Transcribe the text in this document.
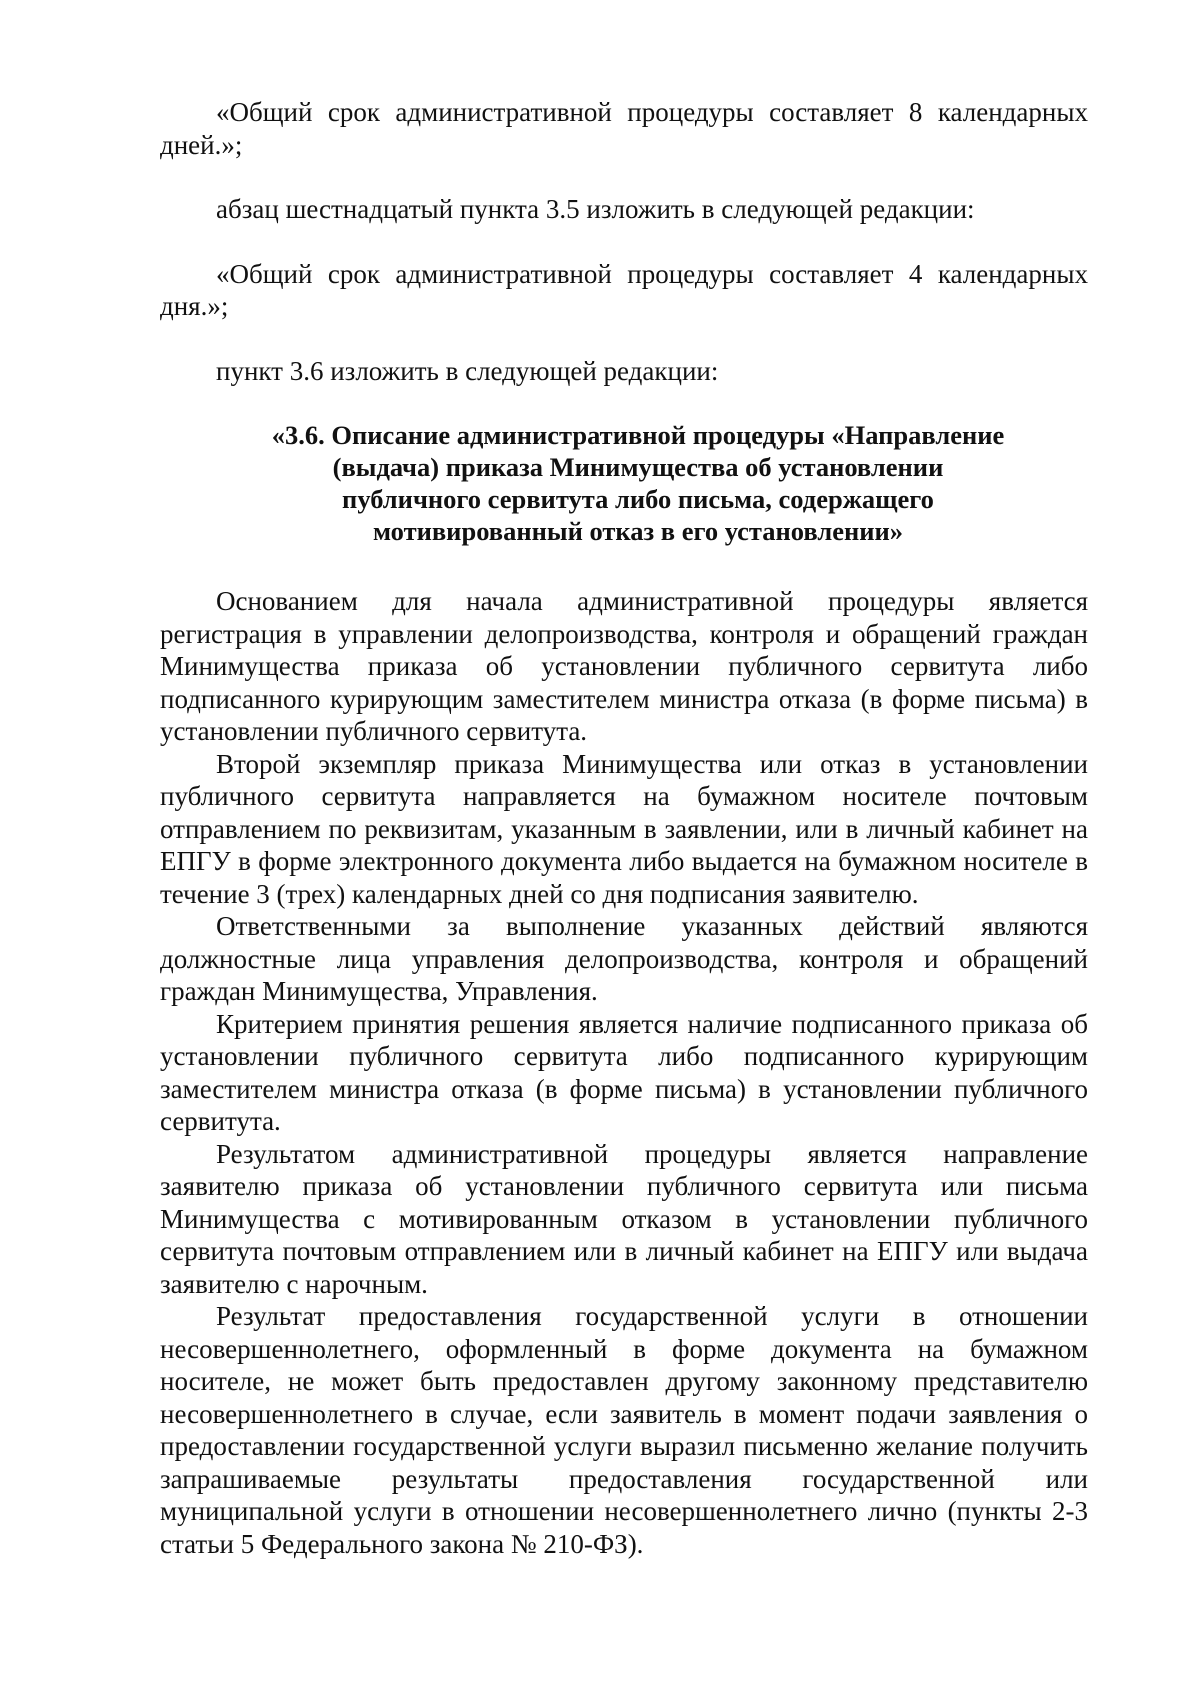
«Общий срок административной процедуры составляет 8 календарных дней.»;

абзац шестнадцатый пункта 3.5 изложить в следующей редакции:

«Общий срок административной процедуры составляет 4 календарных дня.»;

пункт 3.6 изложить в следующей редакции:

«3.6. Описание административной процедуры «Направление
(выдача) приказа Минимущества об установлении
публичного сервитута либо письма, содержащего
мотивированный отказ в его установлении»

Основанием для начала административной процедуры является регистрация в управлении делопроизводства, контроля и обращений граждан Минимущества приказа об установлении публичного сервитута либо подписанного курирующим заместителем министра отказа (в форме письма) в установлении публичного сервитута.

Второй экземпляр приказа Минимущества или отказ в установлении публичного сервитута направляется на бумажном носителе почтовым отправлением по реквизитам, указанным в заявлении, или в личный кабинет на ЕПГУ в форме электронного документа либо выдается на бумажном носителе в течение 3 (трех) календарных дней со дня подписания заявителю.

Ответственными за выполнение указанных действий являются должностные лица управления делопроизводства, контроля и обращений граждан Минимущества, Управления.

Критерием принятия решения является наличие подписанного приказа об установлении публичного сервитута либо подписанного курирующим заместителем министра отказа (в форме письма) в установлении публичного сервитута.

Результатом административной процедуры является направление заявителю приказа об установлении публичного сервитута или письма Минимущества с мотивированным отказом в установлении публичного сервитута почтовым отправлением или в личный кабинет на ЕПГУ или выдача заявителю с нарочным.

Результат предоставления государственной услуги в отношении несовершеннолетнего, оформленный в форме документа на бумажном носителе, не может быть предоставлен другому законному представителю несовершеннолетнего в случае, если заявитель в момент подачи заявления о предоставлении государственной услуги выразил письменно желание получить запрашиваемые результаты предоставления государственной или муниципальной услуги в отношении несовершеннолетнего лично (пункты 2-3 статьи 5 Федерального закона № 210-ФЗ).
